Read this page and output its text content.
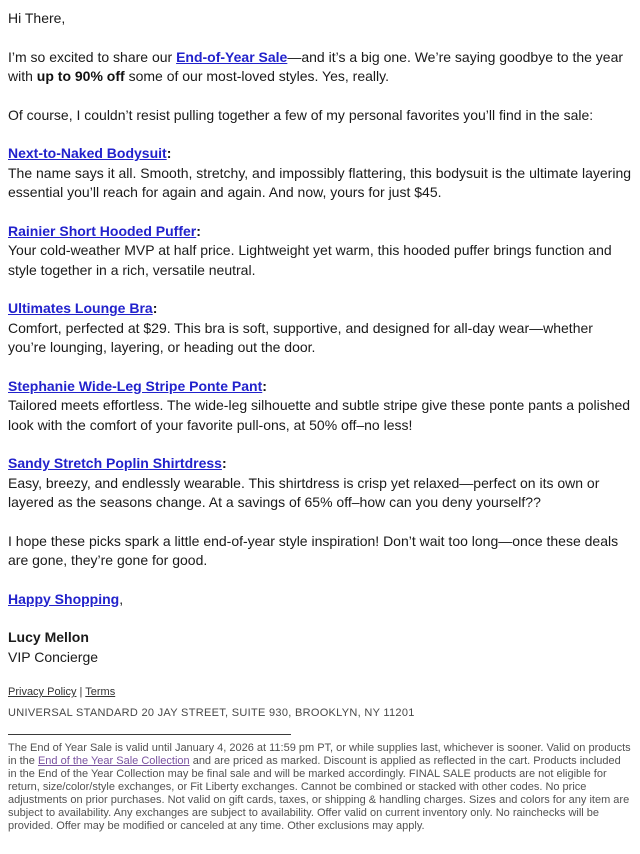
Hi There,

I’m so excited to share our End-of-Year Sale—and it’s a big one. We’re saying goodbye to the year with up to 90% off some of our most-loved styles. Yes, really.

Of course, I couldn’t resist pulling together a few of my personal favorites you’ll find in the sale:

Next-to-Naked Bodysuit:
The name says it all. Smooth, stretchy, and impossibly flattering, this bodysuit is the ultimate layering essential you’ll reach for again and again. And now, yours for just $45.
Rainier Short Hooded Puffer:
Your cold-weather MVP at half price. Lightweight yet warm, this hooded puffer brings function and style together in a rich, versatile neutral.
Ultimates Lounge Bra:
Comfort, perfected at $29. This bra is soft, supportive, and designed for all-day wear—whether you’re lounging, layering, or heading out the door.
Stephanie Wide-Leg Stripe Ponte Pant:
Tailored meets effortless. The wide-leg silhouette and subtle stripe give these ponte pants a polished look with the comfort of your favorite pull-ons, at 50% off–no less!
Sandy Stretch Poplin Shirtdress:
Easy, breezy, and endlessly wearable. This shirtdress is crisp yet relaxed—perfect on its own or layered as the seasons change. At a savings of 65% off–how can you deny yourself??

I hope these picks spark a little end-of-year style inspiration! Don’t wait too long—once these deals are gone, they’re gone for good.

Happy Shopping,

Lucy Mellon
VIP Concierge
Privacy Policy | Terms
UNIVERSAL STANDARD 20 JAY STREET, SUITE 930, BROOKLYN, NY 11201
The End of Year Sale is valid until January 4, 2026 at 11:59 pm PT, or while supplies last, whichever is sooner. Valid on products in the End of the Year Sale Collection and are priced as marked. Discount is applied as reflected in the cart. Products included in the End of the Year Collection may be final sale and will be marked accordingly. FINAL SALE products are not eligible for return, size/color/style exchanges, or Fit Liberty exchanges. Cannot be combined or stacked with other codes. No price adjustments on prior purchases. Not valid on gift cards, taxes, or shipping & handling charges. Sizes and colors for any item are subject to availability. Any exchanges are subject to availability. Offer valid on current inventory only. No rainchecks will be provided. Offer may be modified or canceled at any time. Other exclusions may apply.
